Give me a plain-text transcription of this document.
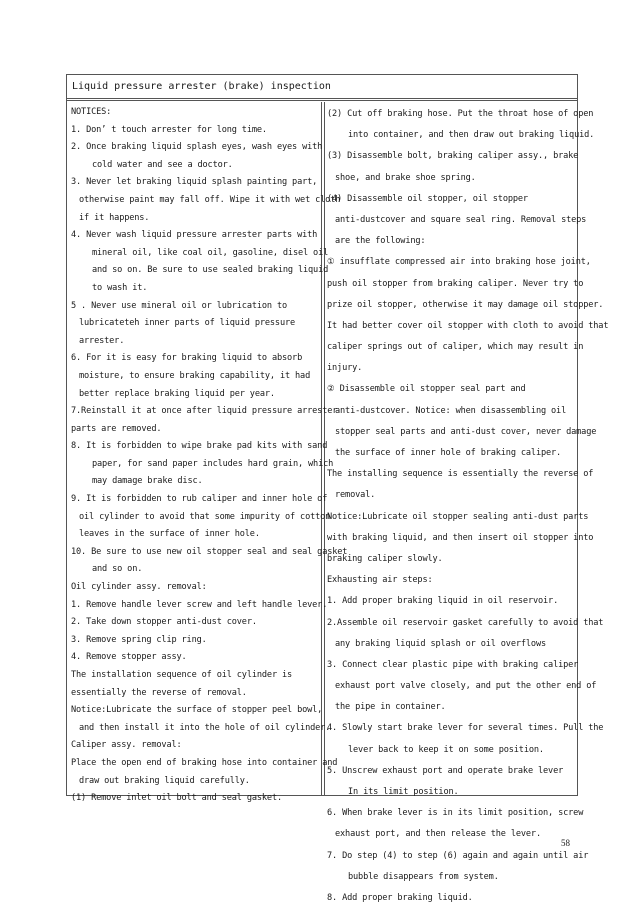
Liquid pressure arrester (brake) inspection
NOTICES:
1. Don’ t touch arrester for long time.
2. Once braking liquid splash eyes, wash eyes with
cold water and see a doctor.
3. Never let braking liquid splash painting part,
otherwise paint may fall off. Wipe it with wet cloth
if it happens.
4. Never wash liquid pressure arrester parts with
mineral oil, like coal oil, gasoline, disel oil
and so on. Be sure to use sealed braking liquid
to wash it.
5 . Never use mineral oil or lubrication to
lubricateteh inner parts of liquid pressure
arrester.
6. For it is easy for braking liquid to absorb
moisture, to ensure braking capability, it had
better replace braking liquid per year.
7.Reinstall it at once after liquid pressure arrester
parts are removed.
8. It is forbidden to wipe brake pad kits with sand
paper, for sand paper includes hard grain, which
may damage brake disc.
9. It is forbidden to rub caliper and inner hole of
oil cylinder to avoid that some impurity of cotton
leaves in the surface of inner hole.
10. Be sure to use new oil stopper seal and seal gasket
and so on.
Oil cylinder assy. removal:
1. Remove handle lever screw and left handle lever.
2. Take down stopper anti-dust cover.
3. Remove spring clip ring.
4. Remove stopper assy.
The installation sequence of oil cylinder is
essentially the reverse of removal.
Notice:Lubricate the surface of stopper peel bowl,
and then install it into the hole of oil cylinder.
Caliper assy. removal:
Place the open end of braking hose into container and
draw out braking liquid carefully.
(1) Remove inlet oil bolt and seal gasket.
(2) Cut off braking hose. Put the throat hose of open
into container, and then draw out braking liquid.
(3) Disassemble bolt, braking caliper assy., brake
shoe, and brake shoe spring.
(4) Disassemble oil stopper, oil stopper
anti-dustcover and square seal ring. Removal steps
are the following:
① insufflate compressed air into braking hose joint,
push oil stopper from braking caliper. Never try to
prize oil stopper, otherwise it may damage oil stopper.
It had better cover oil stopper with cloth to avoid that
caliper springs out of caliper, which may result in
injury.
② Disassemble oil stopper seal part and
anti-dustcover. Notice: when disassembling oil
stopper seal parts and anti-dust cover, never damage
the surface of inner hole of braking caliper.
The installing sequence is essentially the reverse of
removal.
Notice:Lubricate oil stopper sealing anti-dust parts
with braking liquid, and then insert oil stopper into
braking caliper slowly.
Exhausting air steps:
1. Add proper braking liquid in oil reservoir.
2.Assemble oil reservoir gasket carefully to avoid that
any braking liquid splash or oil overflows
3. Connect clear plastic pipe with braking caliper
exhaust port valve closely, and put the other end of
the pipe in container.
4. Slowly start brake lever for several times. Pull the
lever back to keep it on some position.
5. Unscrew exhaust port and operate brake lever
In its limit position.
6. When brake lever is in its limit position, screw
exhaust port, and then release the lever.
7. Do step (4) to step (6) again and again until air
bubble disappears from system.
8. Add proper braking liquid.
58
